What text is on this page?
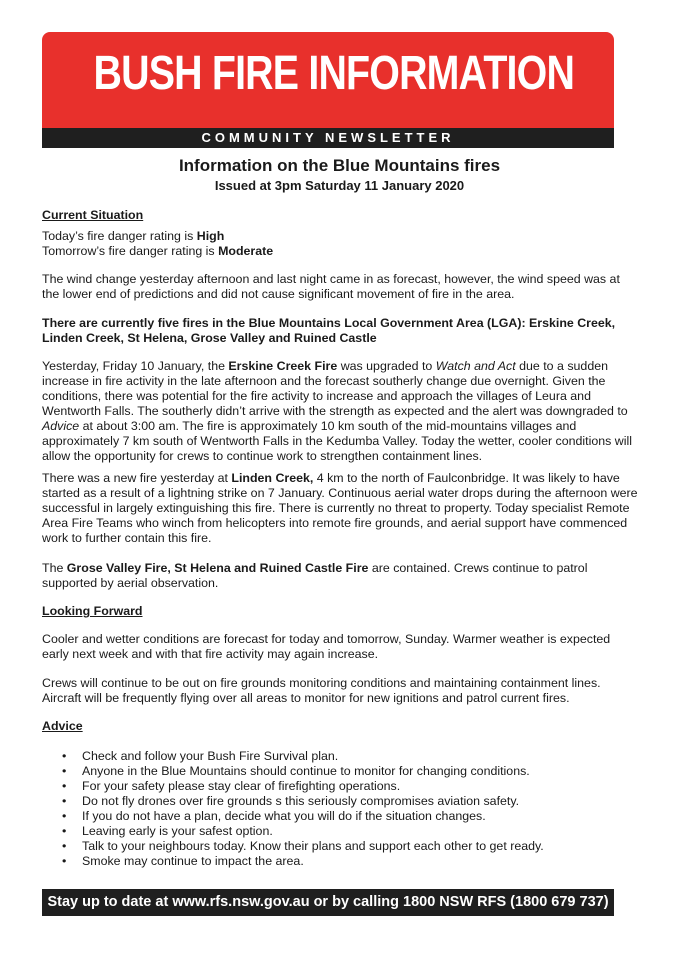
BUSH FIRE INFORMATION
COMMUNITY NEWSLETTER
Information on the Blue Mountains fires
Issued at 3pm Saturday 11 January 2020
Current Situation
Today’s fire danger rating is High
Tomorrow’s fire danger rating is Moderate
The wind change yesterday afternoon and last night came in as forecast, however, the wind speed was at the lower end of predictions and did not cause significant movement of fire in the area.
There are currently five fires in the Blue Mountains Local Government Area (LGA): Erskine Creek, Linden Creek, St Helena, Grose Valley and Ruined Castle
Yesterday, Friday 10 January, the Erskine Creek Fire was upgraded to Watch and Act due to a sudden increase in fire activity in the late afternoon and the forecast southerly change due overnight. Given the conditions, there was potential for the fire activity to increase and approach the villages of Leura and Wentworth Falls. The southerly didn’t arrive with the strength as expected and the alert was downgraded to Advice at about 3:00 am. The fire is approximately 10 km south of the mid-mountains villages and approximately 7 km south of Wentworth Falls in the Kedumba Valley. Today the wetter, cooler conditions will allow the opportunity for crews to continue work to strengthen containment lines.
There was a new fire yesterday at Linden Creek, 4 km to the north of Faulconbridge. It was likely to have started as a result of a lightning strike on 7 January. Continuous aerial water drops during the afternoon were successful in largely extinguishing this fire. There is currently no threat to property. Today specialist Remote Area Fire Teams who winch from helicopters into remote fire grounds, and aerial support have commenced work to further contain this fire.
The Grose Valley Fire, St Helena and Ruined Castle Fire are contained. Crews continue to patrol supported by aerial observation.
Looking Forward
Cooler and wetter conditions are forecast for today and tomorrow, Sunday. Warmer weather is expected early next week and with that fire activity may again increase.
Crews will continue to be out on fire grounds monitoring conditions and maintaining containment lines. Aircraft will be frequently flying over all areas to monitor for new ignitions and patrol current fires.
Advice
• Check and follow your Bush Fire Survival plan.
• Anyone in the Blue Mountains should continue to monitor for changing conditions.
• For your safety please stay clear of firefighting operations.
• Do not fly drones over fire grounds s this seriously compromises aviation safety.
• If you do not have a plan, decide what you will do if the situation changes.
• Leaving early is your safest option.
• Talk to your neighbours today. Know their plans and support each other to get ready.
• Smoke may continue to impact the area.
Stay up to date at www.rfs.nsw.gov.au or by calling 1800 NSW RFS (1800 679 737)
